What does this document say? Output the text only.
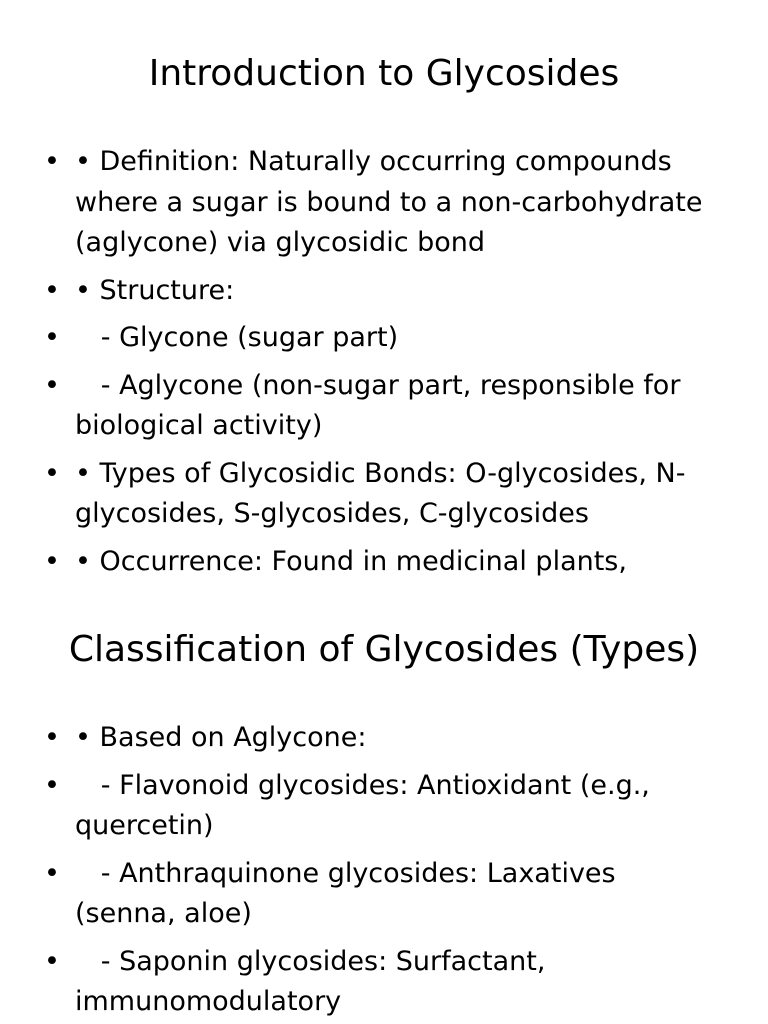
Introduction to Glycosides
• • Definition: Naturally occurring compounds where a sugar is bound to a non-carbohydrate (aglycone) via glycosidic bond
• • Structure:
• - Glycone (sugar part)
• - Aglycone (non-sugar part, responsible for biological activity)
• • Types of Glycosidic Bonds: O-glycosides, N-glycosides, S-glycosides, C-glycosides
• • Occurrence: Found in medicinal plants,
Classification of Glycosides (Types)
• • Based on Aglycone:
• - Flavonoid glycosides: Antioxidant (e.g., quercetin)
• - Anthraquinone glycosides: Laxatives (senna, aloe)
• - Saponin glycosides: Surfactant, immunomodulatory
